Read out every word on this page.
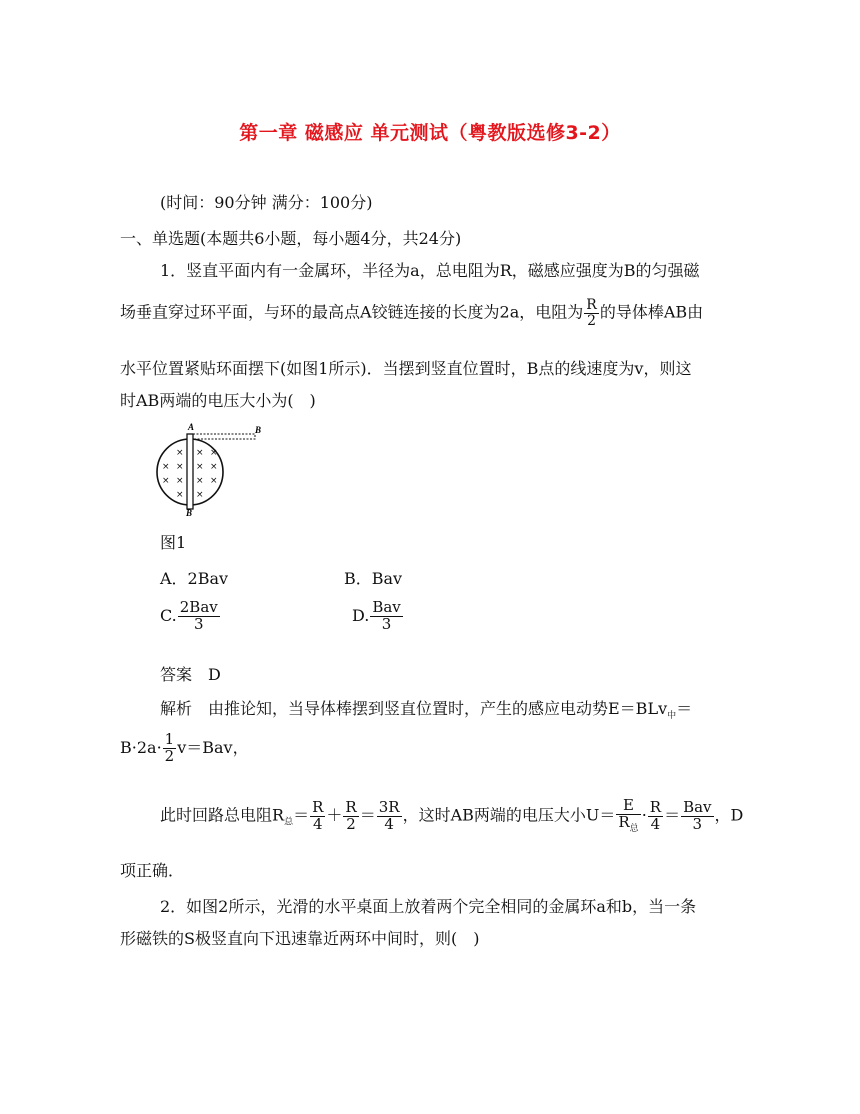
第一章 磁感应 单元测试（粤教版选修3-2）
(时间：90分钟 满分：100分)
一、单选题(本题共6小题，每小题4分，共24分)
1．竖直平面内有一金属环，半径为a，总电阻为R，磁感应强度为B的匀强磁
场垂直穿过环平面，与环的最高点A铰链连接的长度为2a，电阻为 $\frac{R}{2}$ 的导体棒AB由
水平位置紧贴环面摆下(如图1所示)．当摆到竖直位置时，B点的线速度为v，则这
时AB两端的电压大小为(　)
A	B
B
×
×
×
×
×
×
× ×
× ×
× ×
×
图1
A．2Bav	B．Bav
C. $\frac{\text{2Bav}}{3}$	D. $\frac{\text{Bav}}{3}$
答案　D
解析　由推论知，当导体棒摆到竖直位置时，产生的感应电动势E＝BLv$_中$＝
$B\cdot 2a\cdot \frac{1}{2} v=Bav$，
此时回路总电阻$R_总= \frac{R}{4} + \frac{R}{2} = \frac{3R}{4}$ ，这时AB两端的电压大小$U= \frac{E}{R_总} \cdot \frac{R}{4} = \frac{\text{Bav}}{3}$ ，D
项正确．
2．如图2所示，光滑的水平桌面上放着两个完全相同的金属环a和b，当一条
形磁铁的S极竖直向下迅速靠近两环中间时，则(　)
